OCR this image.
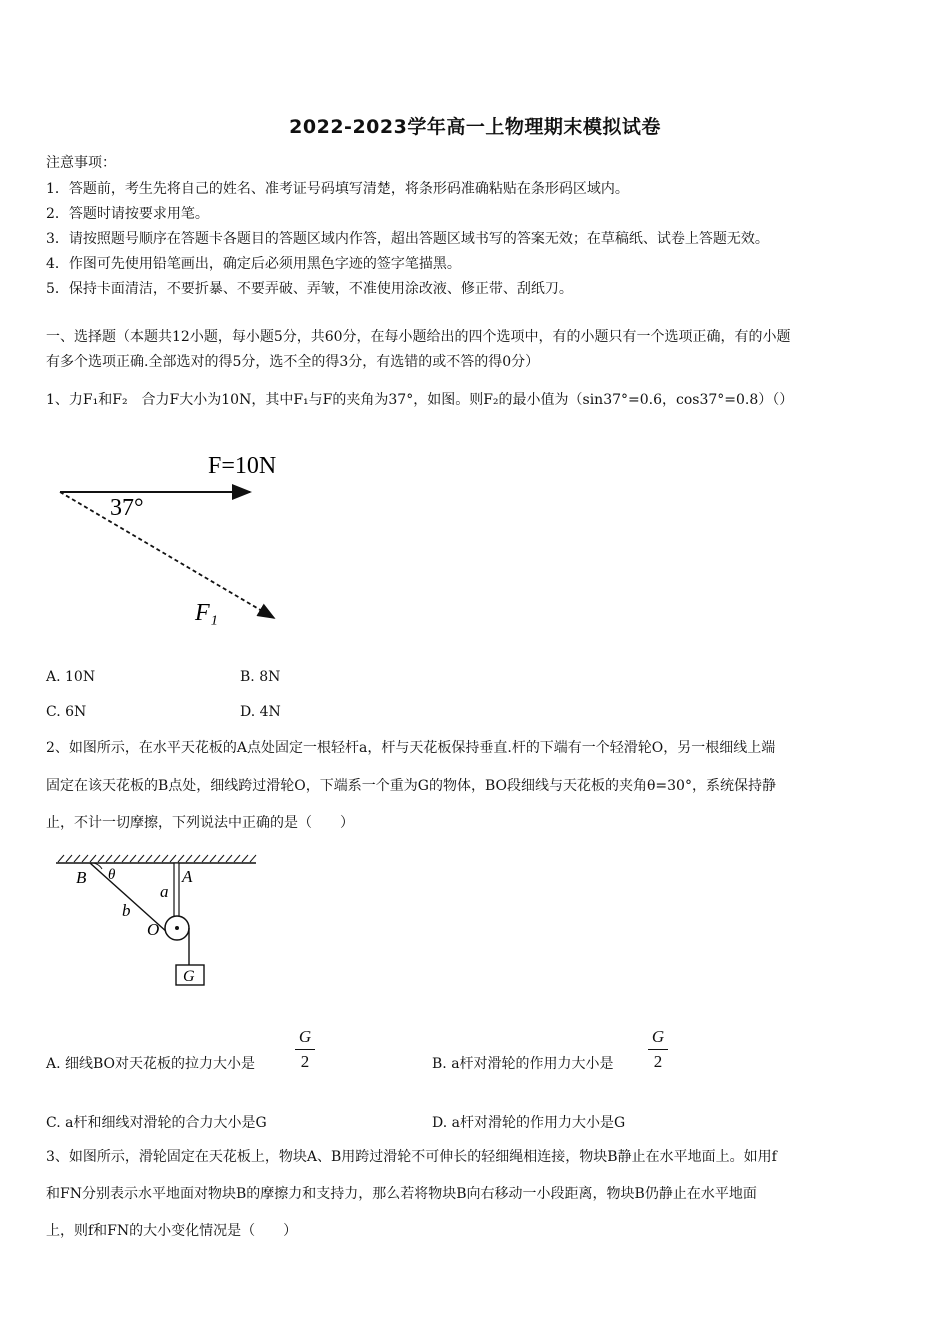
2022-2023学年高一上物理期末模拟试卷
注意事项：
1．答题前，考生先将自己的姓名、准考证号码填写清楚，将条形码准确粘贴在条形码区域内。
2．答题时请按要求用笔。
3．请按照题号顺序在答题卡各题目的答题区域内作答，超出答题区域书写的答案无效；在草稿纸、试卷上答题无效。
4．作图可先使用铅笔画出，确定后必须用黑色字迹的签字笔描黑。
5．保持卡面清洁，不要折暴、不要弄破、弄皱，不准使用涂改液、修正带、刮纸刀。
一、选择题（本题共12小题，每小题5分，共60分，在每小题给出的四个选项中，有的小题只有一个选项正确，有的小题
有多个选项正确.全部选对的得5分，选不全的得3分，有选错的或不答的得0分）
1、力F₁和F₂　合力F大小为10N，其中F₁与F的夹角为37°，如图。则F₂的最小值为（sin37°=0.6，cos37°=0.8）（）
F=10N
37°
F₁
A. 10N	B. 8N
C. 6N	D. 4N
2、如图所示，在水平天花板的A点处固定一根轻杆a，杆与天花板保持垂直.杆的下端有一个轻滑轮O，另一根细线上端
固定在该天花板的B点处，细线跨过滑轮O，下端系一个重为G的物体，BO段细线与天花板的夹角θ=30°，系统保持静
止，不计一切摩擦，下列说法中正确的是（　　）
B θ	A
a
b
O
G
A. 细线BO对天花板的拉力大小是
G
2	B. a杆对滑轮的作用力大小是
G
2
C. a杆和细线对滑轮的合力大小是G	D. a杆对滑轮的作用力大小是G
3、如图所示，滑轮固定在天花板上，物块A、B用跨过滑轮不可伸长的轻细绳相连接，物块B静止在水平地面上。如用f
和FN分别表示水平地面对物块B的摩擦力和支持力，那么若将物块B向右移动一小段距离，物块B仍静止在水平地面
上，则f和FN的大小变化情况是（　　）
